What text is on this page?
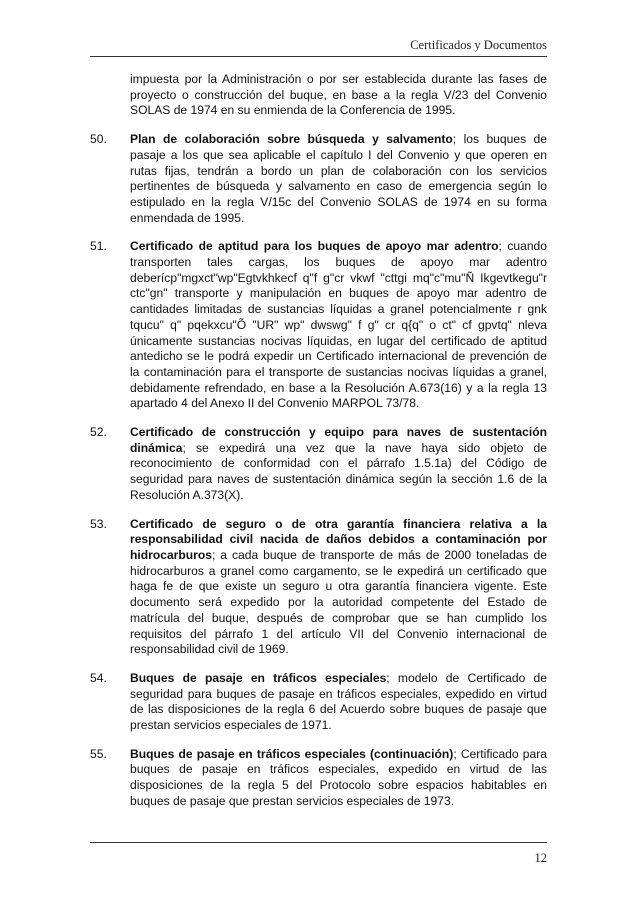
Certificados y Documentos

impuesta por la Administración o por ser establecida durante las fases de proyecto o construcción del buque, en base a la regla V/23 del Convenio SOLAS de 1974 en su enmienda de la Conferencia de 1995.

50.	Plan de colaboración sobre búsqueda y salvamento; los buques de pasaje a los que sea aplicable el capítulo I del Convenio y que operen en rutas fijas, tendrán a bordo un plan de colaboración con los servicios pertinentes de búsqueda y salvamento en caso de emergencia según lo estipulado en la regla V/15c del Convenio SOLAS de 1974 en su forma enmendada de 1995.
51.	Certificado de aptitud para los buques de apoyo mar adentro; cuando transporten tales cargas, los buques de apoyo mar adentro deberícp"mgxct"wp"Egtvkhkecf q"f g"cr vkwf "cttgi mq"c"mu"Ñ Ikgevtkegu"r ctc"gn" transporte y manipulación en buques de apoyo mar adentro de cantidades limitadas de sustancias líquidas a granel potencialmente r gnk tqucu" q" pqekxcu"Õ "UR" wp" dwswg" f g" cr q{q" o ct" cf gpvtq" nleva únicamente sustancias nocivas líquidas, en lugar del certificado de aptitud antedicho se le podrá expedir un Certificado internacional de prevención de la contaminación para el transporte de sustancias nocivas líquidas a granel, debidamente refrendado, en base a la Resolución A.673(16) y a la regla 13 apartado 4 del Anexo II del Convenio MARPOL 73/78.
52.	Certificado de construcción y equipo para naves de sustentación dinámica; se expedirá una vez que la nave haya sido objeto de reconocimiento de conformidad con el párrafo 1.5.1a) del Código de seguridad para naves de sustentación dinámica según la sección 1.6 de la Resolución A.373(X).
53.	Certificado de seguro o de otra garantía financiera relativa a la responsabilidad civil nacida de daños debidos a contaminación por hidrocarburos; a cada buque de transporte de más de 2000 toneladas de hidrocarburos a granel como cargamento, se le expedirá un certificado que haga fe de que existe un seguro u otra garantía financiera vigente. Este documento será expedido por la autoridad competente del Estado de matrícula del buque, después de comprobar que se han cumplido los requisitos del párrafo 1 del artículo VII del Convenio internacional de responsabilidad civil de 1969.
54.	Buques de pasaje en tráficos especiales; modelo de Certificado de seguridad para buques de pasaje en tráficos especiales, expedido en virtud de las disposiciones de la regla 6 del Acuerdo sobre buques de pasaje que prestan servicios especiales de 1971.
55.	Buques de pasaje en tráficos especiales (continuación); Certificado para buques de pasaje en tráficos especiales, expedido en virtud de las disposiciones de la regla 5 del Protocolo sobre espacios habitables en buques de pasaje que prestan servicios especiales de 1973.
12
